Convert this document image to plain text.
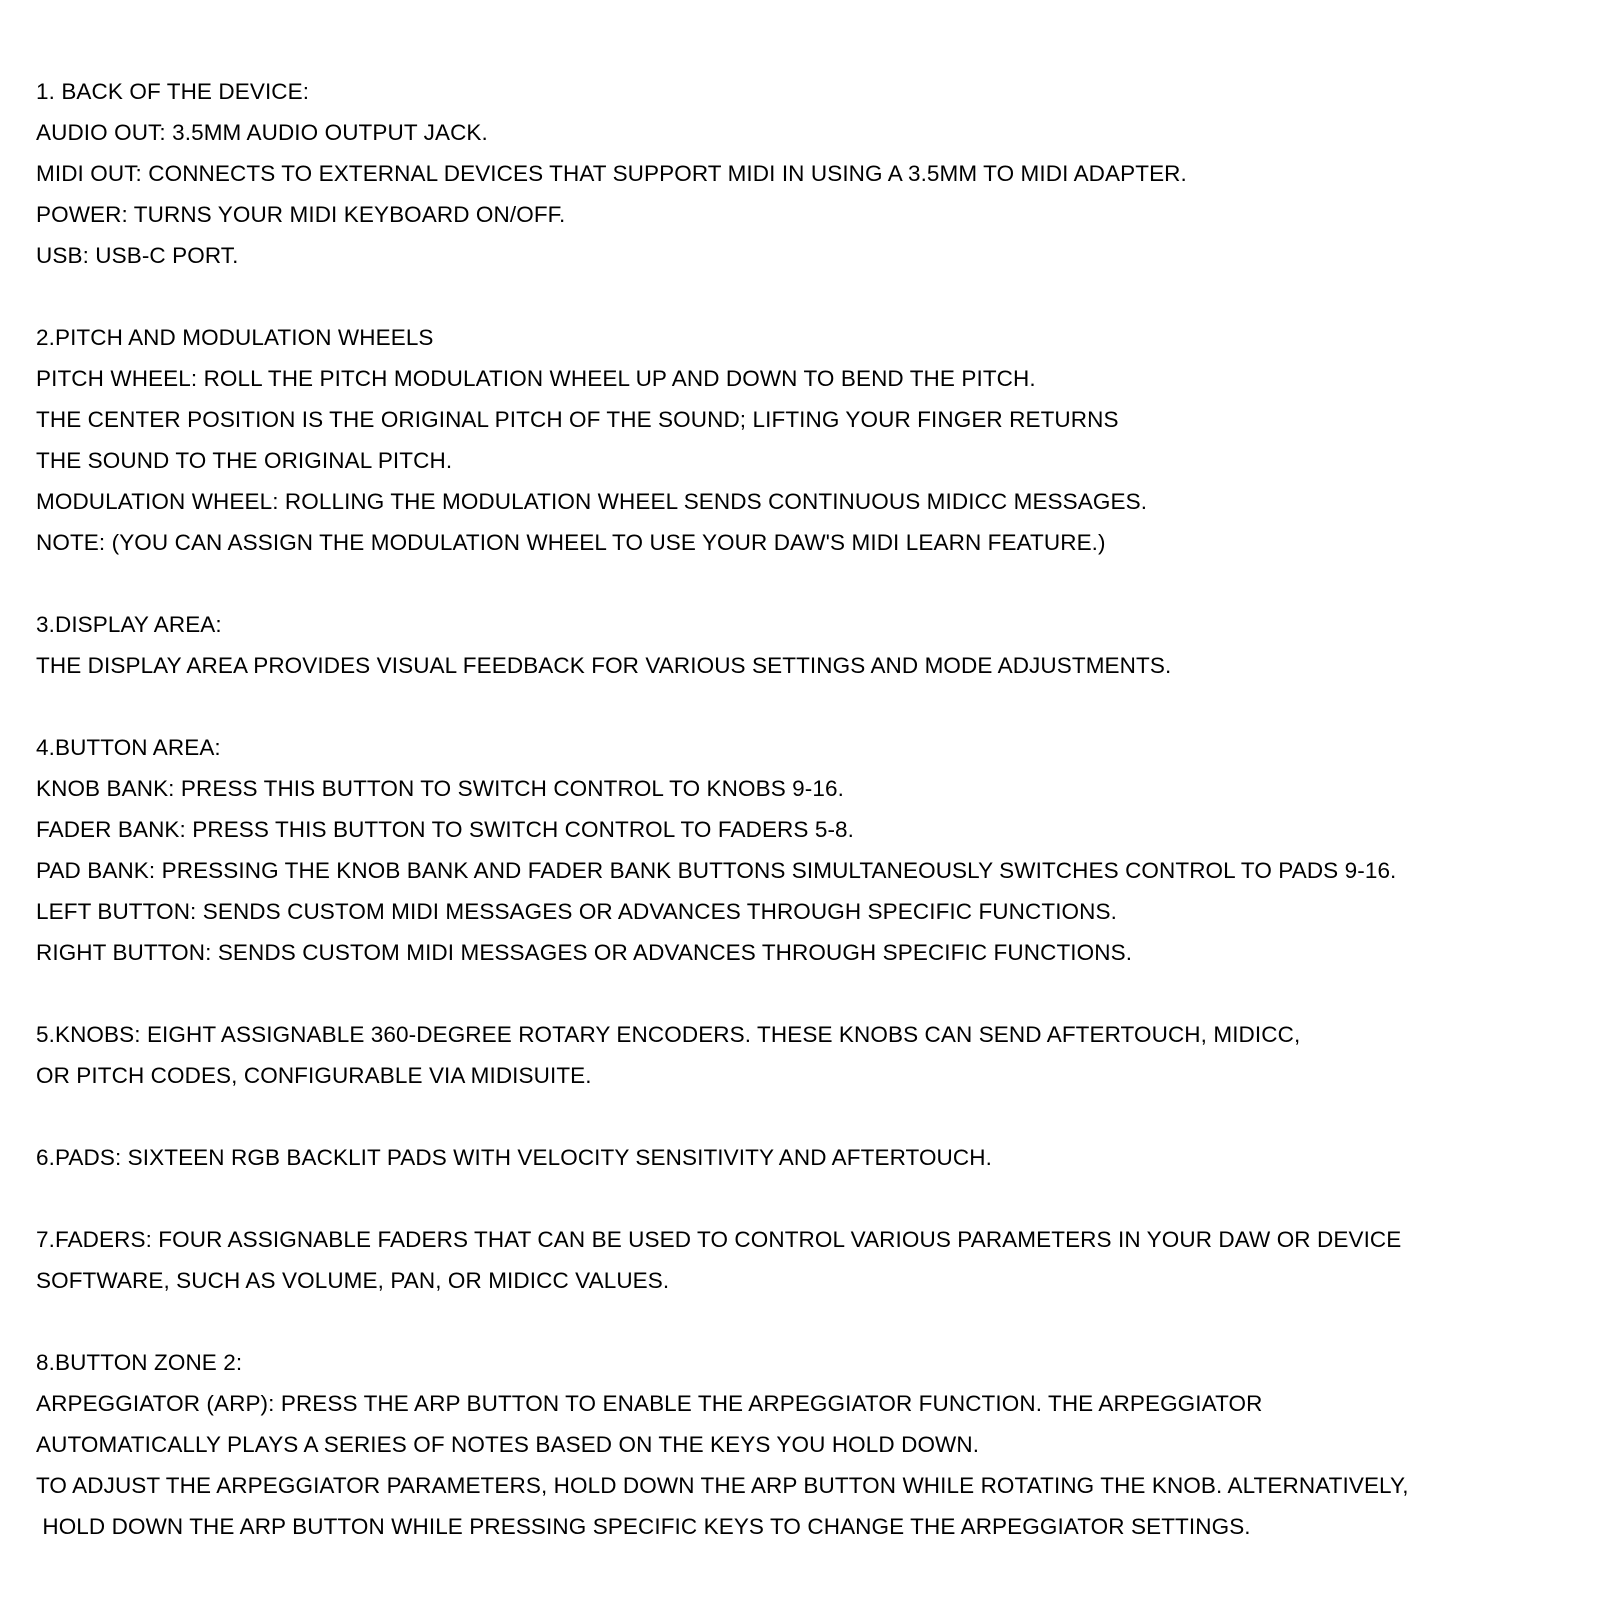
1. BACK OF THE DEVICE:
AUDIO OUT: 3.5MM AUDIO OUTPUT JACK.
MIDI OUT: CONNECTS TO EXTERNAL DEVICES THAT SUPPORT MIDI IN USING A 3.5MM TO MIDI ADAPTER.
POWER: TURNS YOUR MIDI KEYBOARD ON/OFF.
USB: USB-C PORT.
2.PITCH AND MODULATION WHEELS
PITCH WHEEL: ROLL THE PITCH MODULATION WHEEL UP AND DOWN TO BEND THE PITCH.
THE CENTER POSITION IS THE ORIGINAL PITCH OF THE SOUND; LIFTING YOUR FINGER RETURNS
THE SOUND TO THE ORIGINAL PITCH.
MODULATION WHEEL: ROLLING THE MODULATION WHEEL SENDS CONTINUOUS MIDICC MESSAGES.
NOTE: (YOU CAN ASSIGN THE MODULATION WHEEL TO USE YOUR DAW'S MIDI LEARN FEATURE.)
3.DISPLAY AREA:
THE DISPLAY AREA PROVIDES VISUAL FEEDBACK FOR VARIOUS SETTINGS AND MODE ADJUSTMENTS.
4.BUTTON AREA:
KNOB BANK: PRESS THIS BUTTON TO SWITCH CONTROL TO KNOBS 9-16.
FADER BANK: PRESS THIS BUTTON TO SWITCH CONTROL TO FADERS 5-8.
PAD BANK: PRESSING THE KNOB BANK AND FADER BANK BUTTONS SIMULTANEOUSLY SWITCHES CONTROL TO PADS 9-16.
LEFT BUTTON: SENDS CUSTOM MIDI MESSAGES OR ADVANCES THROUGH SPECIFIC FUNCTIONS.
RIGHT BUTTON: SENDS CUSTOM MIDI MESSAGES OR ADVANCES THROUGH SPECIFIC FUNCTIONS.
5.KNOBS: EIGHT ASSIGNABLE 360-DEGREE ROTARY ENCODERS. THESE KNOBS CAN SEND AFTERTOUCH, MIDICC,
OR PITCH CODES, CONFIGURABLE VIA MIDISUITE.
6.PADS: SIXTEEN RGB BACKLIT PADS WITH VELOCITY SENSITIVITY AND AFTERTOUCH.
7.FADERS: FOUR ASSIGNABLE FADERS THAT CAN BE USED TO CONTROL VARIOUS PARAMETERS IN YOUR DAW OR DEVICE
SOFTWARE, SUCH AS VOLUME, PAN, OR MIDICC VALUES.
8.BUTTON ZONE 2:
ARPEGGIATOR (ARP): PRESS THE ARP BUTTON TO ENABLE THE ARPEGGIATOR FUNCTION. THE ARPEGGIATOR
AUTOMATICALLY PLAYS A SERIES OF NOTES BASED ON THE KEYS YOU HOLD DOWN.
TO ADJUST THE ARPEGGIATOR PARAMETERS, HOLD DOWN THE ARP BUTTON WHILE ROTATING THE KNOB. ALTERNATIVELY,
HOLD DOWN THE ARP BUTTON WHILE PRESSING SPECIFIC KEYS TO CHANGE THE ARPEGGIATOR SETTINGS.
